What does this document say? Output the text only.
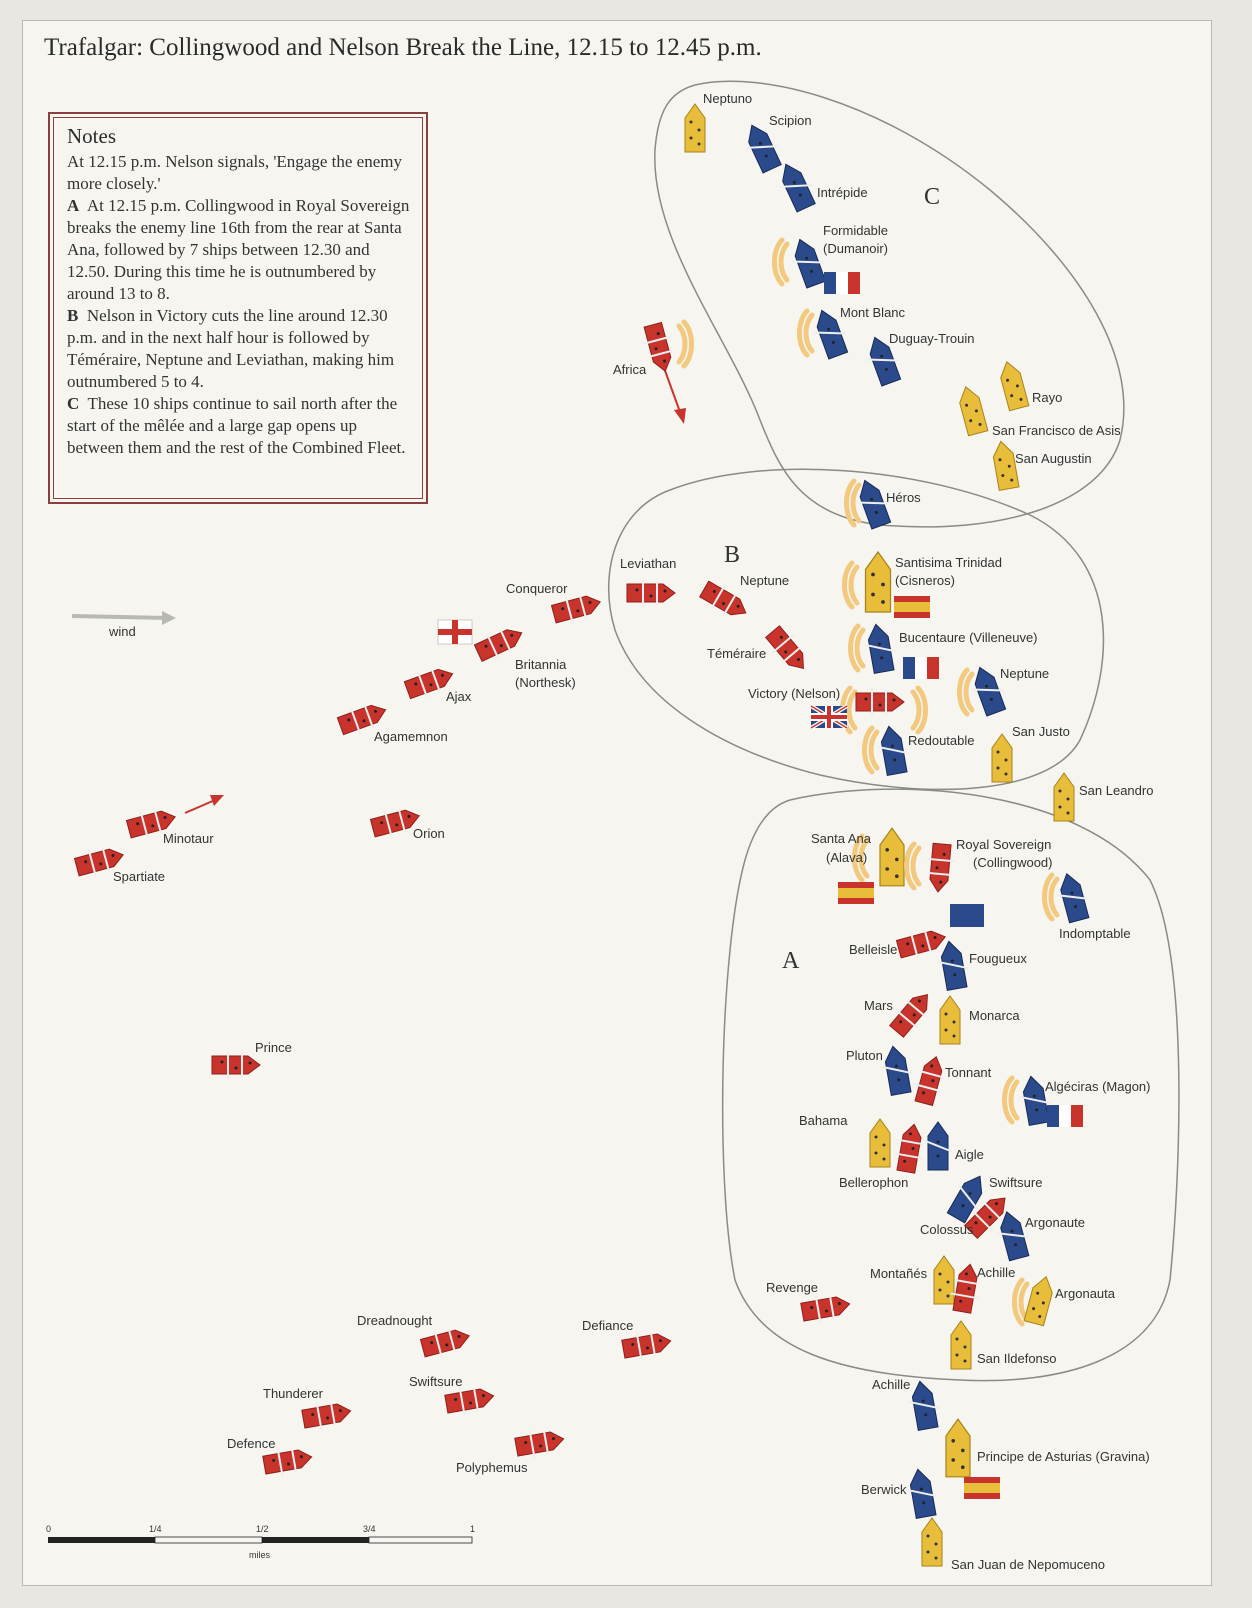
Trafalgar: Collingwood and Nelson Break the Line, 12.15 to 12.45 p.m.
Notes

At 12.15 p.m. Nelson signals, 'Engage the enemy more closely.'

A At 12.15 p.m. Collingwood in Royal Sovereign breaks the enemy line 16th from the rear at Santa Ana, followed by 7 ships between 12.30 and 12.50. During this time he is outnumbered by around 13 to 8.

B Nelson in Victory cuts the line around 12.30 p.m. and in the next half hour is followed by Téméraire, Neptune and Leviathan, making him outnumbered 5 to 4.

C These 10 ships continue to sail north after the start of the mêlée and a large gap opens up between them and the rest of the Combined Fleet.

C
B
A
wind
Neptuno
Scipion
Intrépide
Formidable
(Dumanoir)
Mont Blanc
Duguay-Trouin
Rayo
San Francisco de Asis
San Augustin
Héros
Africa
Leviathan
Neptune
Conqueror
Téméraire
Britannia
(Northesk)
Ajax
Agamemnon
Victory (Nelson)
Santisima Trinidad
(Cisneros)
Bucentaure (Villeneuve)
Neptune
Redoutable
San Justo
San Leandro
Minotaur
Spartiate
Orion	Santa Ana
(Alava)
Royal Sovereign
(Collingwood)
Indomptable
Belleisle
Fougueux
Mars
Monarca
Pluton
Tonnant
Algéciras (Magon)
Prince
Bahama
Aigle
Bellerophon	Swiftsure
Colossus	Argonaute
Montañés	Achille
Argonauta
Revenge
San Ildefonso
Dreadnought	Defiance
Achille
Thunderer
Swiftsure
Principe de Asturias (Gravina)
Defence
Polyphemus
Berwick
San Juan de Nepomuceno
0	1/4	1/2	3/4	1
miles
